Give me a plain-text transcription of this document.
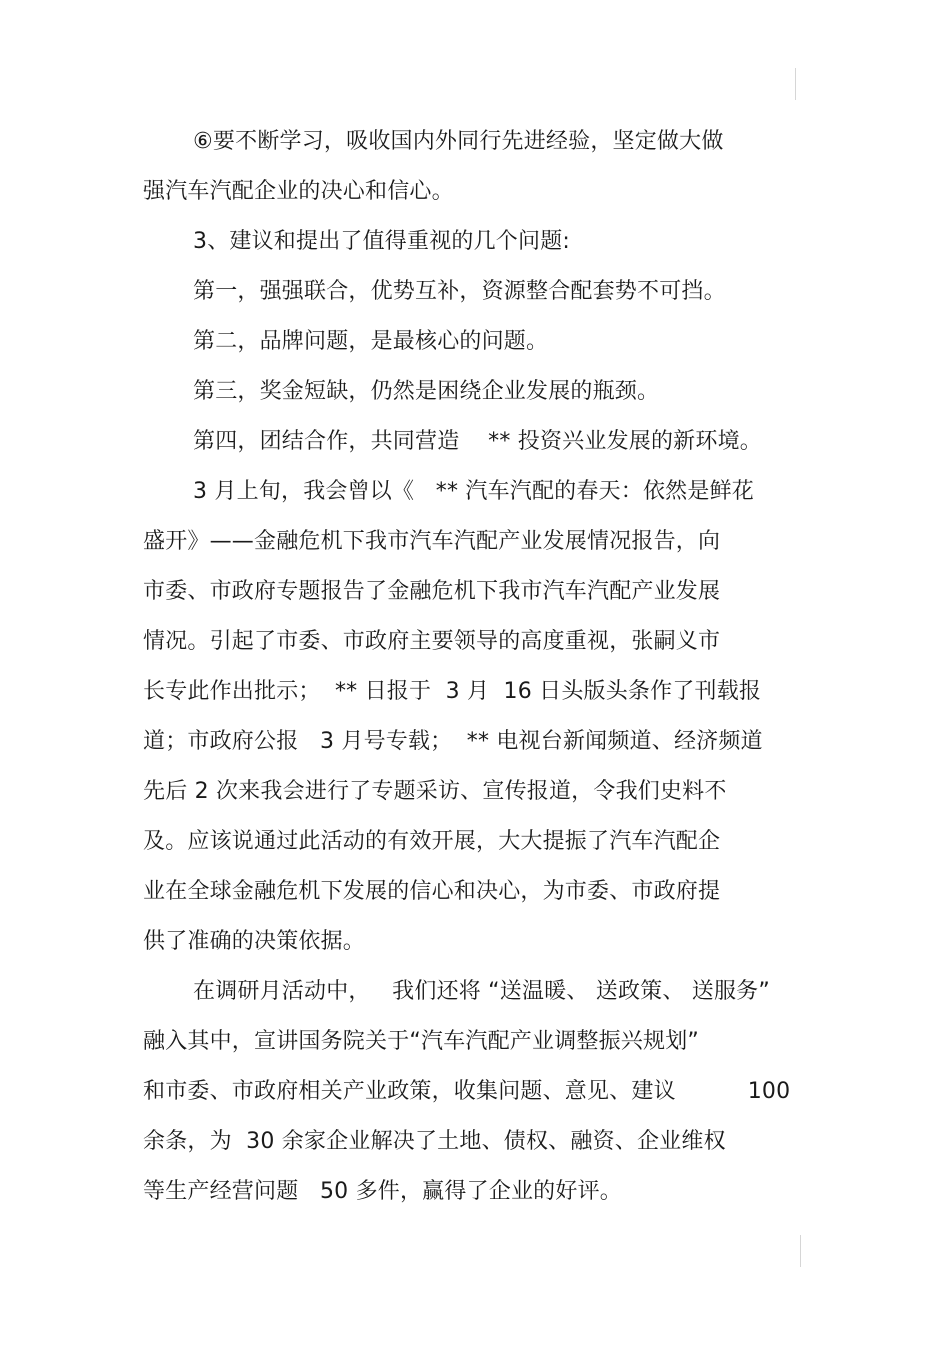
⑥要不断学习，吸收国内外同行先进经验，坚定做大做
强汽车汽配企业的决心和信心。
3、建议和提出了值得重视的几个问题:
第一，强强联合，优势互补，资源整合配套势不可挡。
第二，品牌问题，是最核心的问题。
第三，奖金短缺，仍然是困绕企业发展的瓶颈。
第四，团结合作，共同营造    ** 投资兴业发展的新环境。
3 月上旬，我会曾以《   ** 汽车汽配的春天：依然是鲜花
盛开》——金融危机下我市汽车汽配产业发展情况报告，向
市委、市政府专题报告了金融危机下我市汽车汽配产业发展
情况。引起了市委、市政府主要领导的高度重视，张嗣义市
长专此作出批示；  ** 日报于  3 月  16 日头版头条作了刊载报
道；市政府公报   3 月号专载；  ** 电视台新闻频道、经济频道
先后 2 次来我会进行了专题采访、宣传报道，令我们史料不
及。应该说通过此活动的有效开展，大大提振了汽车汽配企
业在全球金融危机下发展的信心和决心，为市委、市政府提
供了准确的决策依据。
在调研月活动中，   我们还将 “送温暖、 送政策、 送服务”
融入其中，宣讲国务院关于“汽车汽配产业调整振兴规划”
和市委、市政府相关产业政策，收集问题、意见、建议          100
余条，为  30 余家企业解决了土地、债权、融资、企业维权
等生产经营问题   50 多件，赢得了企业的好评。
